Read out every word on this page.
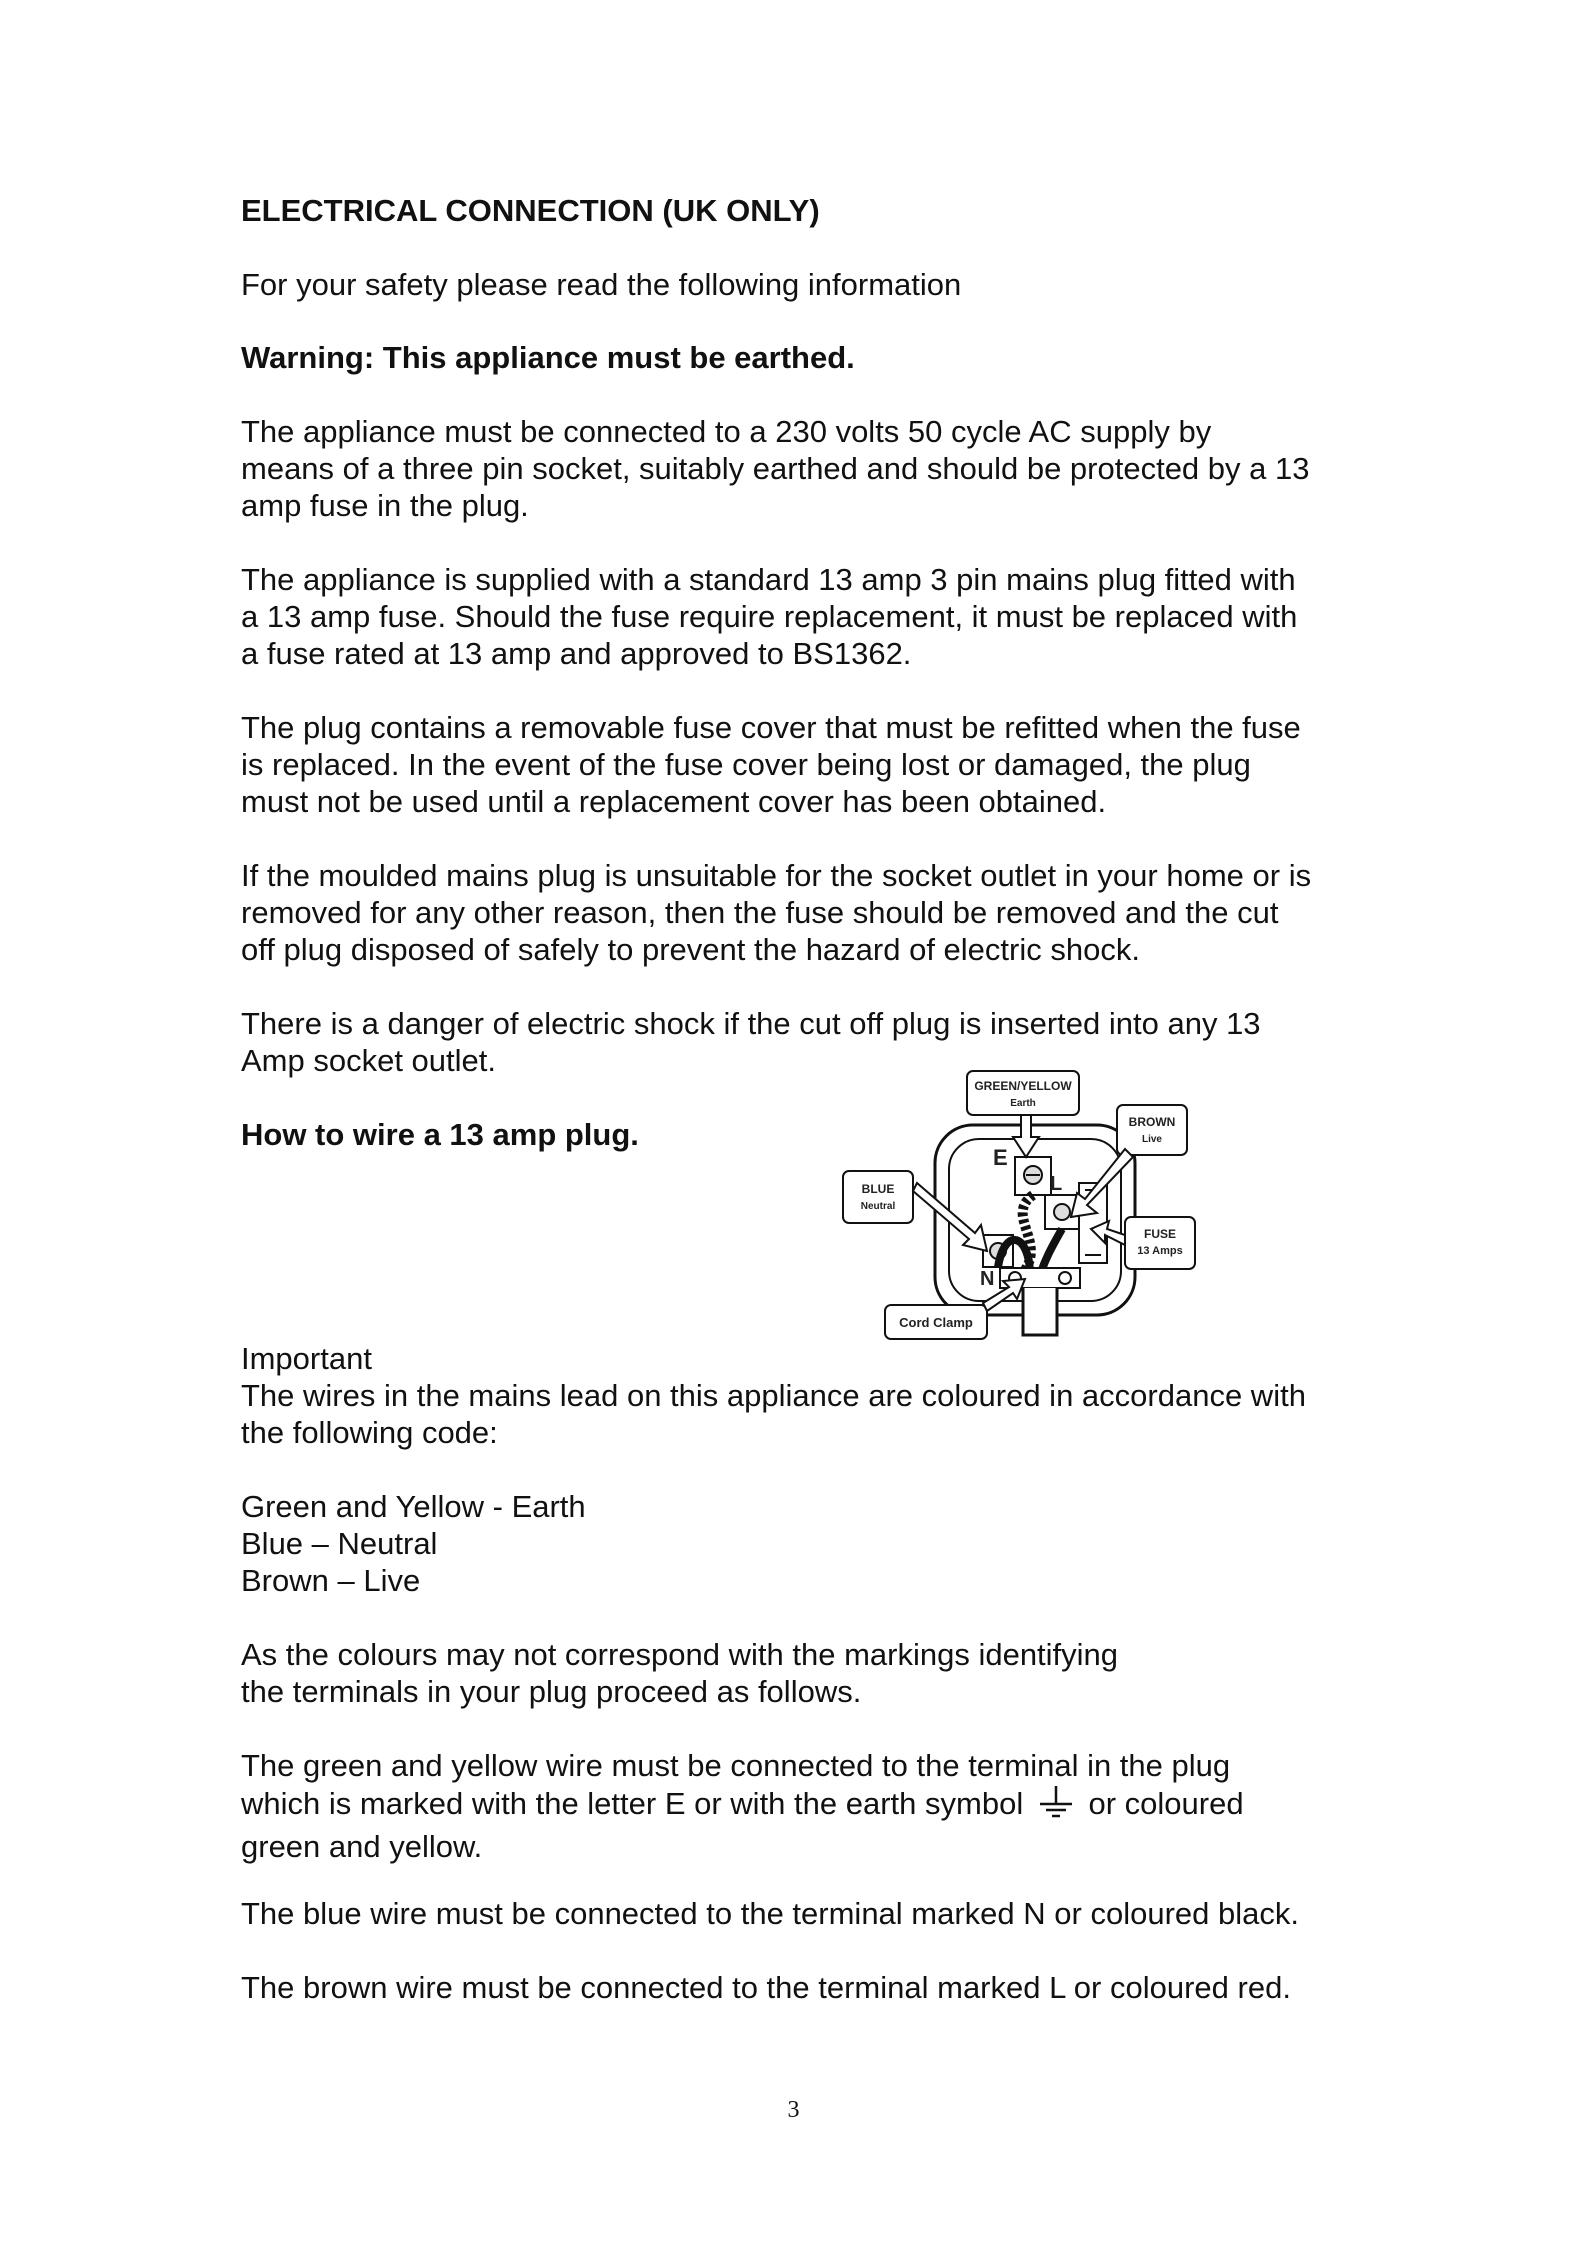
ELECTRICAL CONNECTION (UK ONLY)

For your safety please read the following information

Warning: This appliance must be earthed.

The appliance must be connected to a 230 volts 50 cycle AC supply by

means of a three pin socket, suitably earthed and should be protected by a 13

amp fuse in the plug.

The appliance is supplied with a standard 13 amp 3 pin mains plug fitted with

a 13 amp fuse. Should the fuse require replacement, it must be replaced with

a fuse rated at 13 amp and approved to BS1362.

The plug contains a removable fuse cover that must be refitted when the fuse

is replaced. In the event of the fuse cover being lost or damaged, the plug

must not be used until a replacement cover has been obtained.

If the moulded mains plug is unsuitable for the socket outlet in your home or is

removed for any other reason, then the fuse should be removed and the cut

off plug disposed of safely to prevent the hazard of electric shock.

There is a danger of electric shock if the cut off plug is inserted into any 13

Amp socket outlet.

How to wire a 13 amp plug.

E
L
N
GREEN/YELLOW
Earth
BROWN
Live
BLUE
Neutral
FUSE
13 Amps
Cord Clamp

Important

The wires in the mains lead on this appliance are coloured in accordance with

the following code:

Green and Yellow - Earth

Blue – Neutral

Brown – Live

As the colours may not correspond with the markings identifying

the terminals in your plug proceed as follows.

The green and yellow wire must be connected to the terminal in the plug

which is marked with the letter E or with the earth symbol or coloured

green and yellow.

The blue wire must be connected to the terminal marked N or coloured black.

The brown wire must be connected to the terminal marked L or coloured red.

3
